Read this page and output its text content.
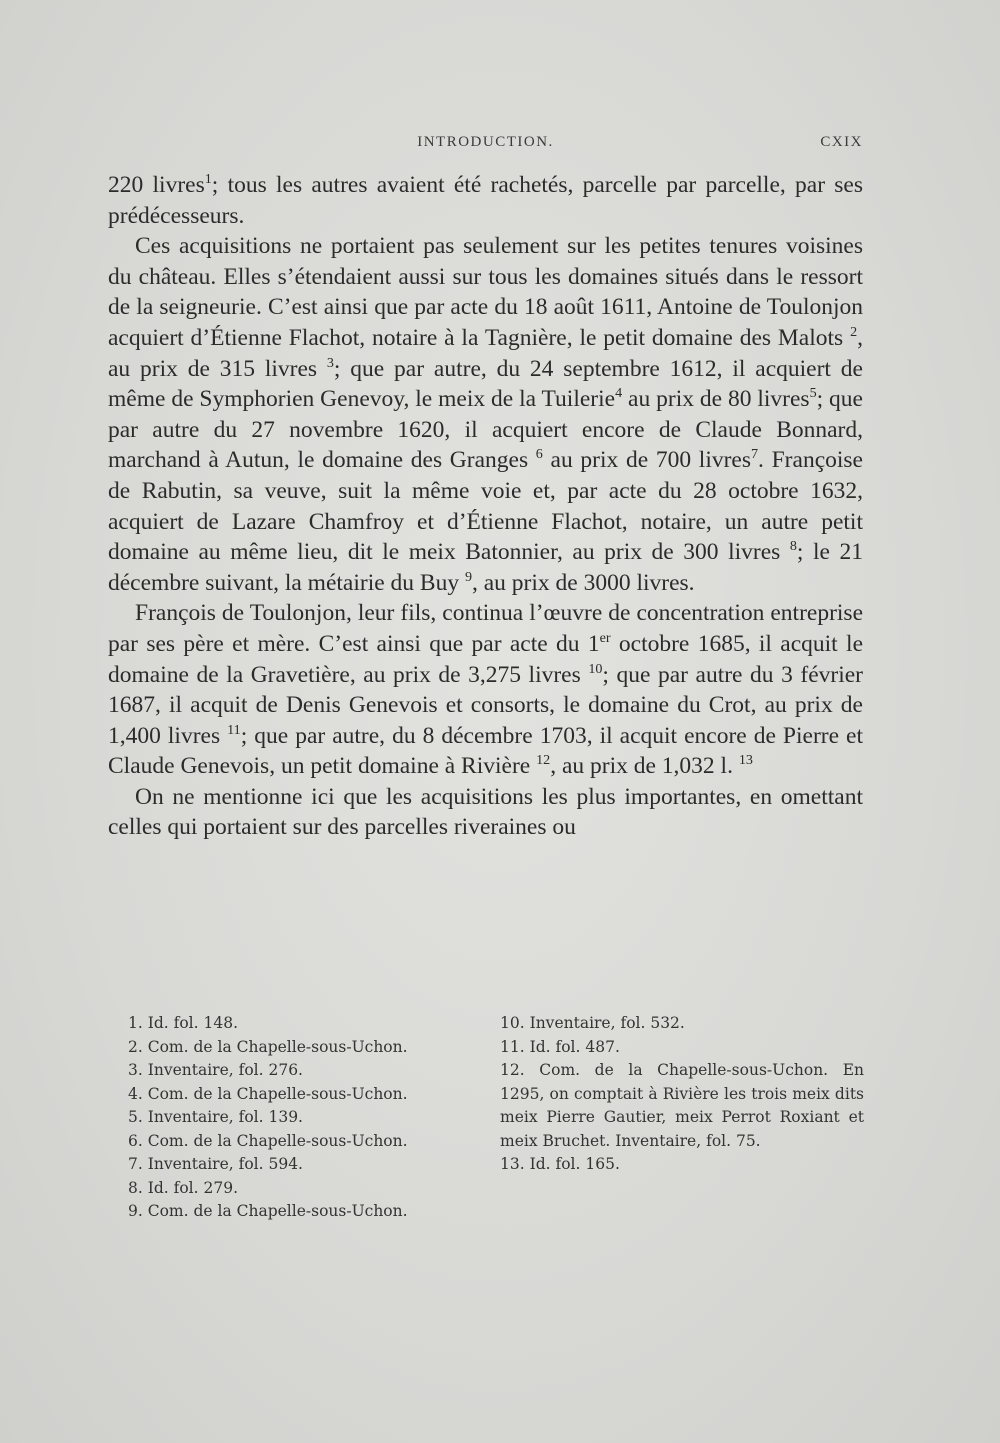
INTRODUCTION.	CXIX

220 livres$^1$; tous les autres avaient été rachetés, parcelle par parcelle, par ses prédécesseurs.

Ces acquisitions ne portaient pas seulement sur les petites tenures voisines du château. Elles s’étendaient aussi sur tous les domaines situés dans le ressort de la seigneurie. C’est ainsi que par acte du 18 août 1611, Antoine de Toulonjon acquiert d’Étienne Flachot, notaire à la Tagnière, le petit domaine des Malots $^2$, au prix de 315 livres $^3$; que par autre, du 24 septembre 1612, il acquiert de même de Symphorien Genevoy, le meix de la Tuilerie$^4$ au prix de 80 livres$^5$; que par autre du 27 novembre 1620, il acquiert encore de Claude Bonnard, marchand à Autun, le domaine des Granges $^6$ au prix de 700 livres$^7$. Françoise de Rabutin, sa veuve, suit la même voie et, par acte du 28 octobre 1632, acquiert de Lazare Chamfroy et d’Étienne Flachot, notaire, un autre petit domaine au même lieu, dit le meix Batonnier, au prix de 300 livres $^8$; le 21 décembre suivant, la métairie du Buy $^9$, au prix de 3000 livres.

François de Toulonjon, leur fils, continua l’œuvre de concentration entreprise par ses père et mère. C’est ainsi que par acte du 1er octobre 1685, il acquit le domaine de la Gravetière, au prix de 3,275 livres $^{10}$; que par autre du 3 février 1687, il acquit de Denis Genevois et consorts, le domaine du Crot, au prix de 1,400 livres $^{11}$; que par autre, du 8 décembre 1703, il acquit encore de Pierre et Claude Genevois, un petit domaine à Rivière $^{12}$, au prix de 1,032 l. $^{13}$

On ne mentionne ici que les acquisitions les plus importantes, en omettant celles qui portaient sur des parcelles riveraines ou

1. Id. fol. 148.
2. Com. de la Chapelle-sous-Uchon.
3. Inventaire, fol. 276.
4. Com. de la Chapelle-sous-Uchon.
5. Inventaire, fol. 139.
6. Com. de la Chapelle-sous-Uchon.
7. Inventaire, fol. 594.
8. Id. fol. 279.
9. Com. de la Chapelle-sous-Uchon.
10. Inventaire, fol. 532.
11. Id. fol. 487.
12. Com. de la Chapelle-sous-Uchon. En 1295, on comptait à Rivière les trois meix dits meix Pierre Gautier, meix Perrot Roxiant et meix Bruchet. Inventaire, fol. 75.
13. Id. fol. 165.
